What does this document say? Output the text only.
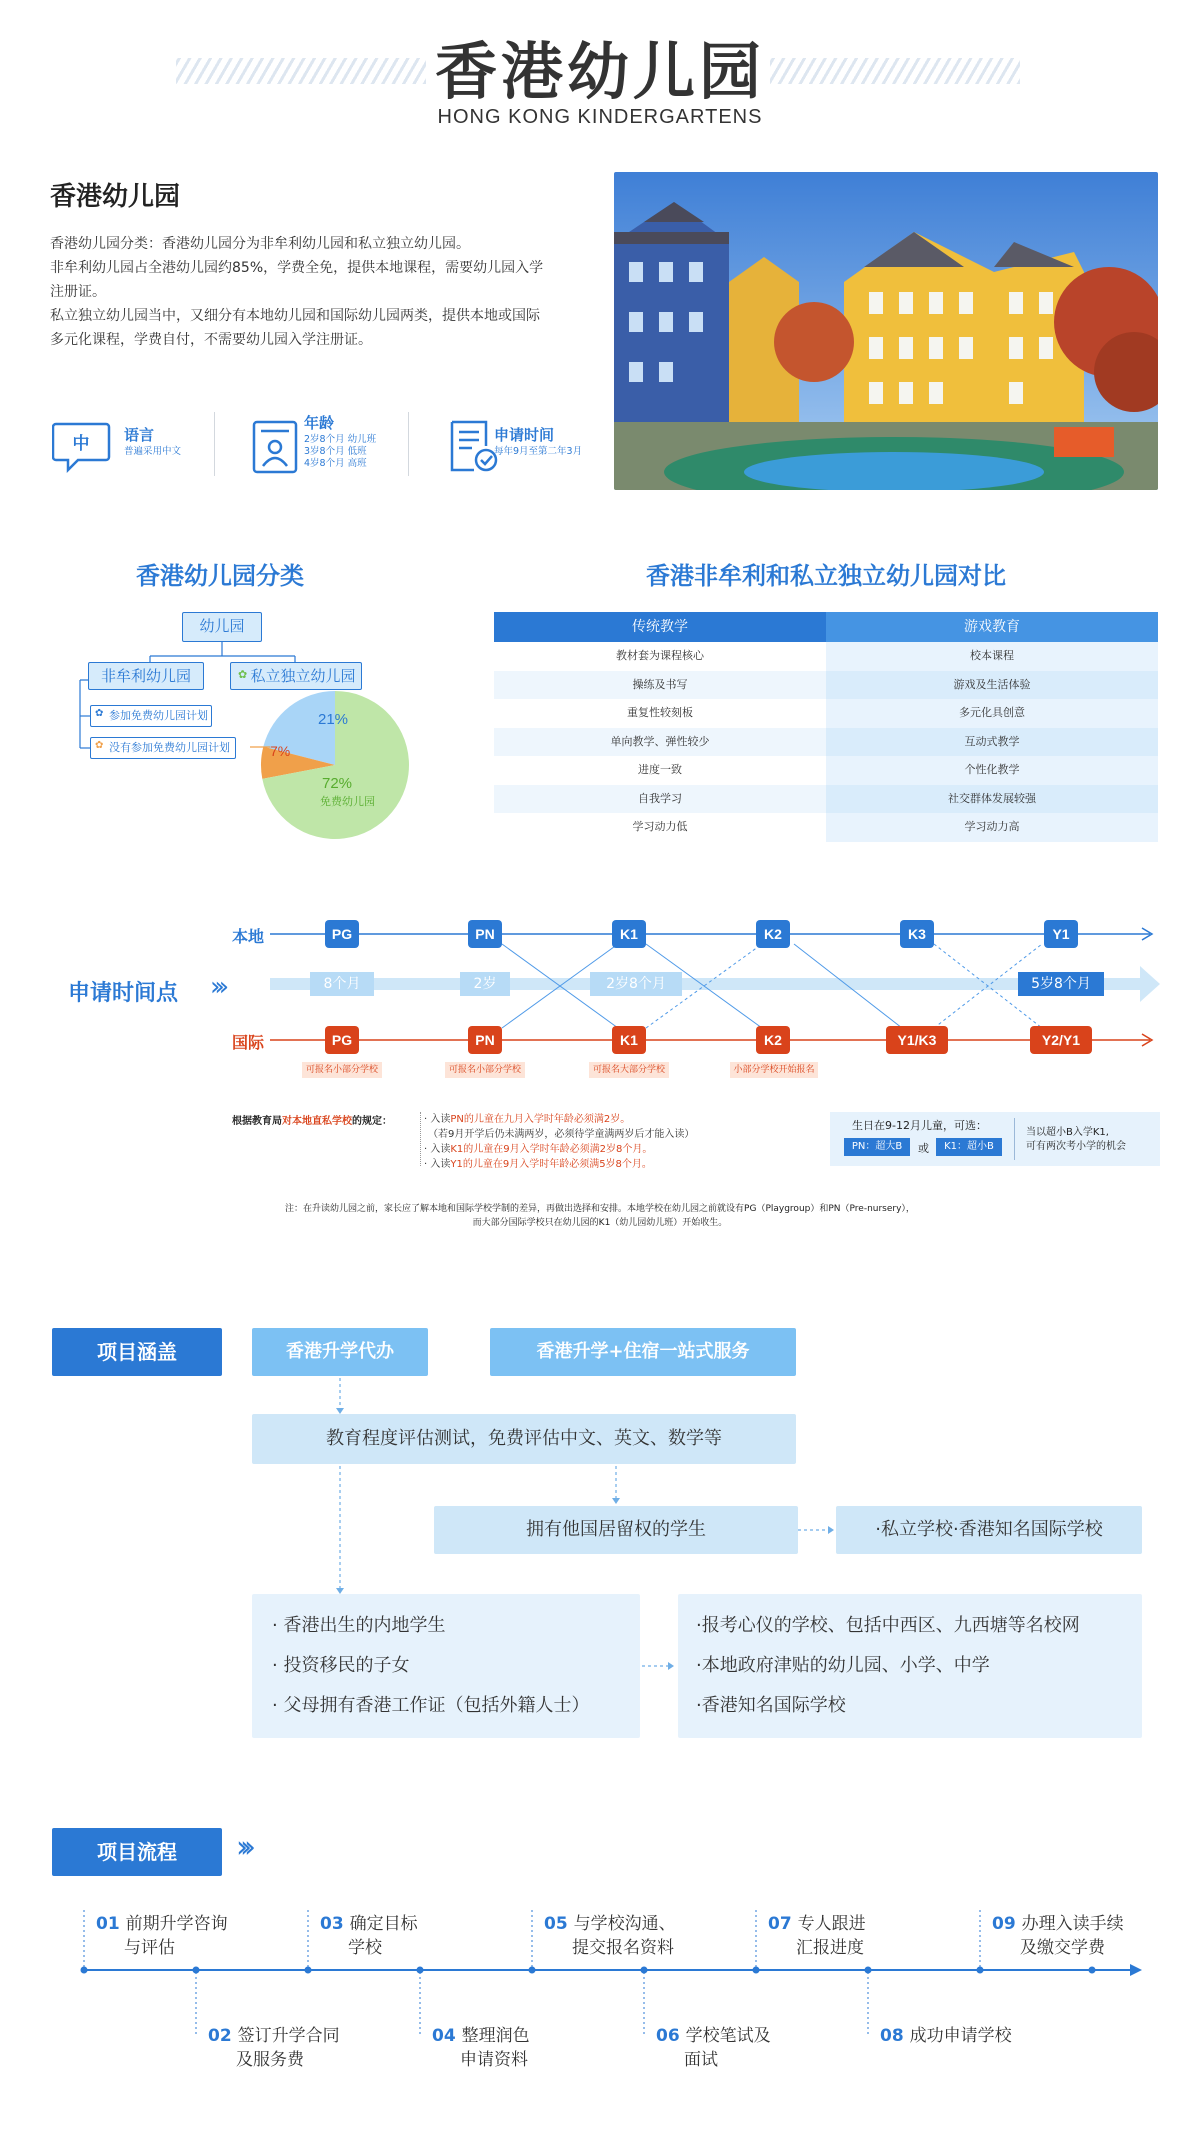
香港幼儿园
HONG KONG KINDERGARTENS
香港幼儿园
香港幼儿园分类：香港幼儿园分为非牟利幼儿园和私立独立幼儿园。
非牟利幼儿园占全港幼儿园约85%，学费全免，提供本地课程，需要幼儿园入学
注册证。
私立独立幼儿园当中，又细分有本地幼儿园和国际幼儿园两类，提供本地或国际
多元化课程，学费自付，不需要幼儿园入学注册证。
中 语言
普遍采用中文
年龄
2岁8个月 幼儿班
3岁8个月 低班
4岁8个月 高班
申请时间
每年9月至第二年3月
香港幼儿园分类
幼儿园
非牟利幼儿园	私立独立幼儿园
✿
参加免费幼儿园计划
✿
没有参加免费幼儿园计划
✿
21%
7%
72%
免费幼儿园
香港非牟利和私立独立幼儿园对比
传统教学	游戏教育
教材套为课程核心	校本课程
操练及书写	游戏及生活体验
重复性较刻板	多元化具创意
单向教学、弹性较少	互动式教学
进度一致	个性化教学
自我学习	社交群体发展较强
学习动力低	学习动力高
本地
国际
申请时间点 ›››
PG	PN	K1	K2	K3	Y1
8个月	2岁	2岁8个月	5岁8个月
PG	PN	K1	K2	Y1/K3	Y2/Y1
可报名小部分学校	可报名小部分学校	可报名大部分学校	小部分学校开始报名
根据教育局对本地直私学校的规定：	· 入读PN的儿童在九月入学时年龄必须满2岁。
（若9月开学后仍未满两岁，必须待学童满两岁后才能入读）
· 入读K1的儿童在9月入学时年龄必须满2岁8个月。
· 入读Y1的儿童在9月入学时年龄必须满5岁8个月。
生日在9-12月儿童，可选：
PN：超大B	或	K1：超小B
当以超小B入学K1,
可有两次考小学的机会
注：在升读幼儿园之前，家长应了解本地和国际学校学制的差异，再做出选择和安排。本地学校在幼儿园之前就设有PG（Playgroup）和PN（Pre-nursery），
而大部分国际学校只在幼儿园的K1（幼儿园幼儿班）开始收生。
项目涵盖	香港升学代办	香港升学+住宿一站式服务
教育程度评估测试，免费评估中文、英文、数学等
拥有他国居留权的学生	·私立学校·香港知名国际学校
· 香港出生的内地学生
· 投资移民的子女
· 父母拥有香港工作证（包括外籍人士）
·报考心仪的学校、包括中西区、九西塘等名校网
·本地政府津贴的幼儿园、小学、中学
·香港知名国际学校
项目流程	›››
01 前期升学咨询
与评估
02 签订升学合同
及服务费
03 确定目标
学校
04 整理润色
申请资料
05 与学校沟通、
提交报名资料
06 学校笔试及
面试
07 专人跟进
汇报进度
08 成功申请学校
09 办理入读手续
及缴交学费
